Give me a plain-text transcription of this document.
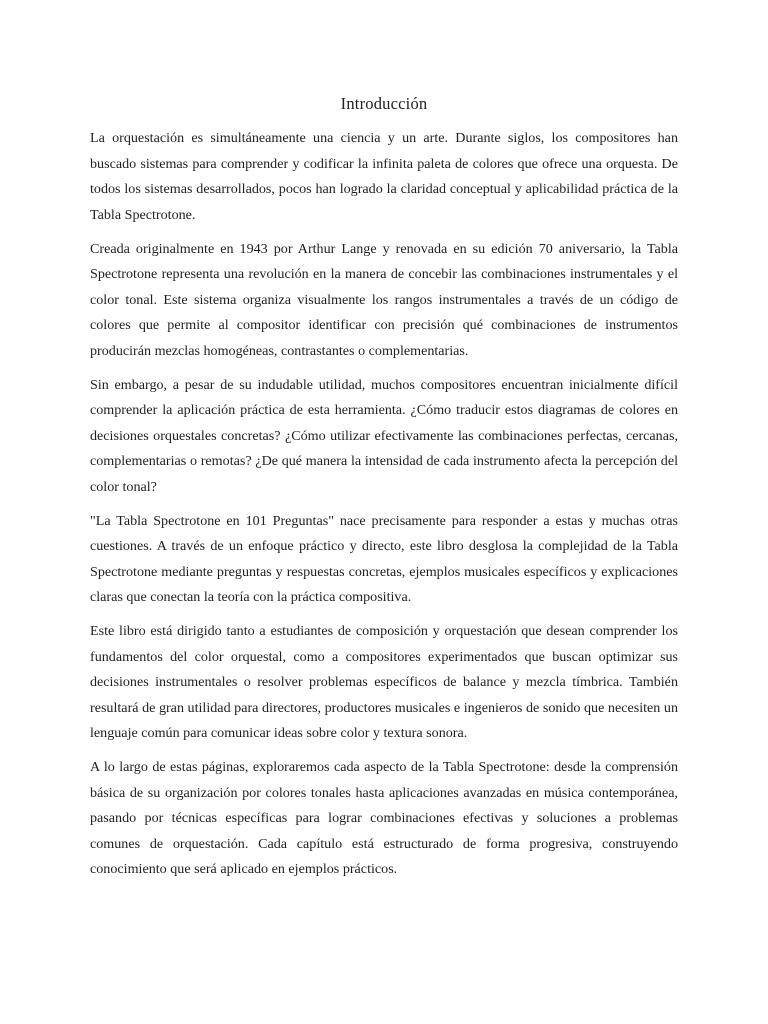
Introducción

La orquestación es simultáneamente una ciencia y un arte. Durante siglos, los compositores han buscado sistemas para comprender y codificar la infinita paleta de colores que ofrece una orquesta. De todos los sistemas desarrollados, pocos han logrado la claridad conceptual y aplicabilidad práctica de la Tabla Spectrotone.

Creada originalmente en 1943 por Arthur Lange y renovada en su edición 70 aniversario, la Tabla Spectrotone representa una revolución en la manera de concebir las combinaciones instrumentales y el color tonal. Este sistema organiza visualmente los rangos instrumentales a través de un código de colores que permite al compositor identificar con precisión qué combinaciones de instrumentos producirán mezclas homogéneas, contrastantes o complementarias.

Sin embargo, a pesar de su indudable utilidad, muchos compositores encuentran inicialmente difícil comprender la aplicación práctica de esta herramienta. ¿Cómo traducir estos diagramas de colores en decisiones orquestales concretas? ¿Cómo utilizar efectivamente las combinaciones perfectas, cercanas, complementarias o remotas? ¿De qué manera la intensidad de cada instrumento afecta la percepción del color tonal?

"La Tabla Spectrotone en 101 Preguntas" nace precisamente para responder a estas y muchas otras cuestiones. A través de un enfoque práctico y directo, este libro desglosa la complejidad de la Tabla Spectrotone mediante preguntas y respuestas concretas, ejemplos musicales específicos y explicaciones claras que conectan la teoría con la práctica compositiva.

Este libro está dirigido tanto a estudiantes de composición y orquestación que desean comprender los fundamentos del color orquestal, como a compositores experimentados que buscan optimizar sus decisiones instrumentales o resolver problemas específicos de balance y mezcla tímbrica. También resultará de gran utilidad para directores, productores musicales e ingenieros de sonido que necesiten un lenguaje común para comunicar ideas sobre color y textura sonora.

A lo largo de estas páginas, exploraremos cada aspecto de la Tabla Spectrotone: desde la comprensión básica de su organización por colores tonales hasta aplicaciones avanzadas en música contemporánea, pasando por técnicas específicas para lograr combinaciones efectivas y soluciones a problemas comunes de orquestación. Cada capítulo está estructurado de forma progresiva, construyendo conocimiento que será aplicado en ejemplos prácticos.
